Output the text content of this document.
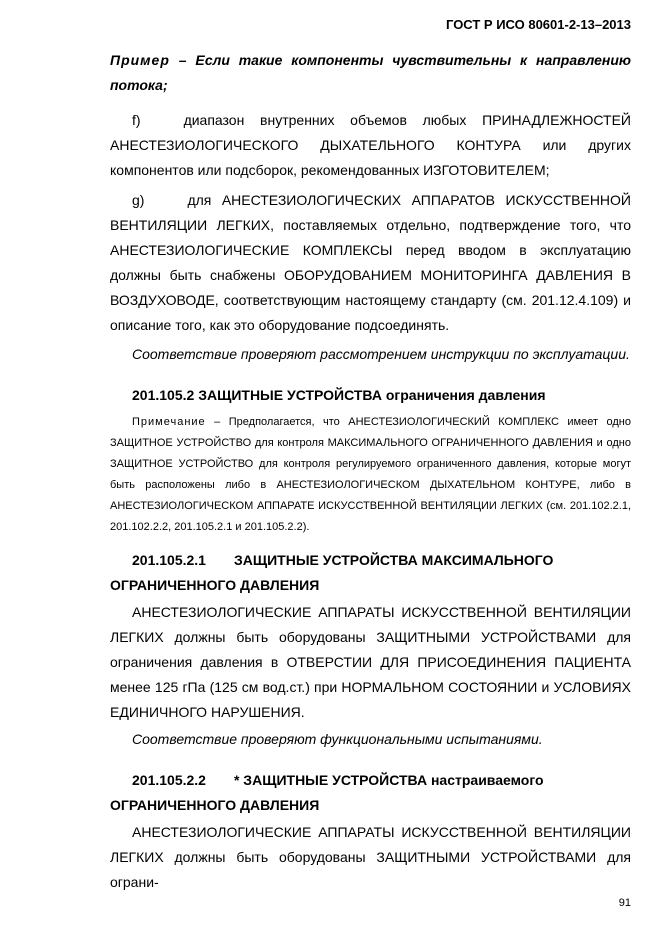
ГОСТ Р ИСО 80601-2-13–2013
Пример – Если такие компоненты чувствительны к направлению потока;
f)	диапазон внутренних объемов любых ПРИНАДЛЕЖНОСТЕЙ АНЕСТЕЗИОЛОГИЧЕСКОГО ДЫХАТЕЛЬНОГО КОНТУРА или других компонентов или подсборок, рекомендованных ИЗГОТОВИТЕЛЕМ;
g)	для АНЕСТЕЗИОЛОГИЧЕСКИХ АППАРАТОВ ИСКУССТВЕННОЙ ВЕНТИЛЯЦИИ ЛЕГКИХ, поставляемых отдельно, подтверждение того, что АНЕСТЕЗИОЛОГИЧЕСКИЕ КОМПЛЕКСЫ перед вводом в эксплуатацию должны быть снабжены ОБОРУДОВАНИЕМ МОНИТОРИНГА ДАВЛЕНИЯ В ВОЗДУХОВОДЕ, соответствующим настоящему стандарту (см. 201.12.4.109) и описание того, как это оборудование подсоединять.
Соответствие проверяют рассмотрением инструкции по эксплуатации.
201.105.2 ЗАЩИТНЫЕ УСТРОЙСТВА ограничения давления
Примечание – Предполагается, что АНЕСТЕЗИОЛОГИЧЕСКИЙ КОМПЛЕКС имеет одно ЗАЩИТНОЕ УСТРОЙСТВО для контроля МАКСИМАЛЬНОГО ОГРАНИЧЕННОГО ДАВЛЕНИЯ и одно ЗАЩИТНОЕ УСТРОЙСТВО для контроля регулируемого ограниченного давления, которые могут быть расположены либо в АНЕСТЕЗИОЛОГИЧЕСКОМ ДЫХАТЕЛЬНОМ КОНТУРЕ, либо в АНЕСТЕЗИОЛОГИЧЕСКОМ АППАРАТЕ ИСКУССТВЕННОЙ ВЕНТИЛЯЦИИ ЛЕГКИХ (см. 201.102.2.1, 201.102.2.2, 201.105.2.1 и 201.105.2.2).
201.105.2.1 ЗАЩИТНЫЕ УСТРОЙСТВА МАКСИМАЛЬНОГО ОГРАНИЧЕННОГО ДАВЛЕНИЯ
АНЕСТЕЗИОЛОГИЧЕСКИЕ АППАРАТЫ ИСКУССТВЕННОЙ ВЕНТИЛЯЦИИ ЛЕГКИХ должны быть оборудованы ЗАЩИТНЫМИ УСТРОЙСТВАМИ для ограничения давления в ОТВЕРСТИИ ДЛЯ ПРИСОЕДИНЕНИЯ ПАЦИЕНТА менее 125 гПа (125 см вод.ст.) при НОРМАЛЬНОМ СОСТОЯНИИ и УСЛОВИЯХ ЕДИНИЧНОГО НАРУШЕНИЯ.
Соответствие проверяют функциональными испытаниями.
201.105.2.2 * ЗАЩИТНЫЕ УСТРОЙСТВА настраиваемого ОГРАНИЧЕННОГО ДАВЛЕНИЯ
АНЕСТЕЗИОЛОГИЧЕСКИЕ АППАРАТЫ ИСКУССТВЕННОЙ ВЕНТИЛЯЦИИ ЛЕГКИХ должны быть оборудованы ЗАЩИТНЫМИ УСТРОЙСТВАМИ для ограни-
91
